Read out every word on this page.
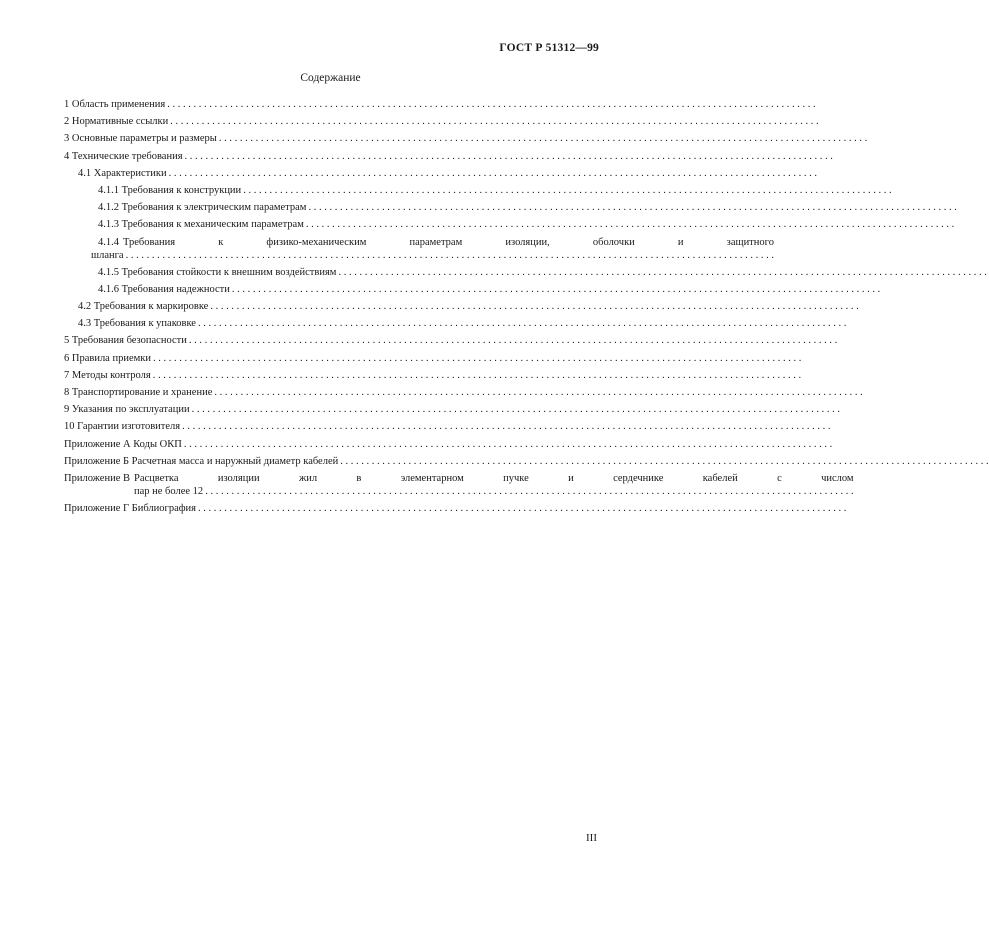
ГОСТ Р 51312—99
Содержание
1 Область применения
. . .
2 Нормативные ссылки
. . .
3 Основные параметры и размеры
. . .
4 Технические требования
. . .
4.1 Характеристики
. . .
4.1.1 Требования к конструкции
. . .
4.1.2 Требования к электрическим параметрам
. . .
4.1.3 Требования к механическим параметрам
. . .
4.1.4 Требования к физико-механическим параметрам изоляции, оболочки и защитного
шланга
. . .
4.1.5 Требования стойкости к внешним воздействиям
. . .
4.1.6 Требования надежности
. . .
4.2 Требования к маркировке
. . .
4.3 Требования к упаковке
. . .
5 Требования безопасности
. . .
6 Правила приемки
. . .
7 Методы контроля
. . .
8 Транспортирование и хранение
. . .
9 Указания по эксплуатации
. . .
10 Гарантии изготовителя
. . .
Приложение А Коды ОКП
. . .
Приложение Б Расчетная масса и наружный диаметр кабелей
. . .
Приложение В Расцветка изоляции жил в элементарном пучке и сердечнике кабелей с числом
пар не более 12
. . .
Приложение Г Библиография
. . .
III
